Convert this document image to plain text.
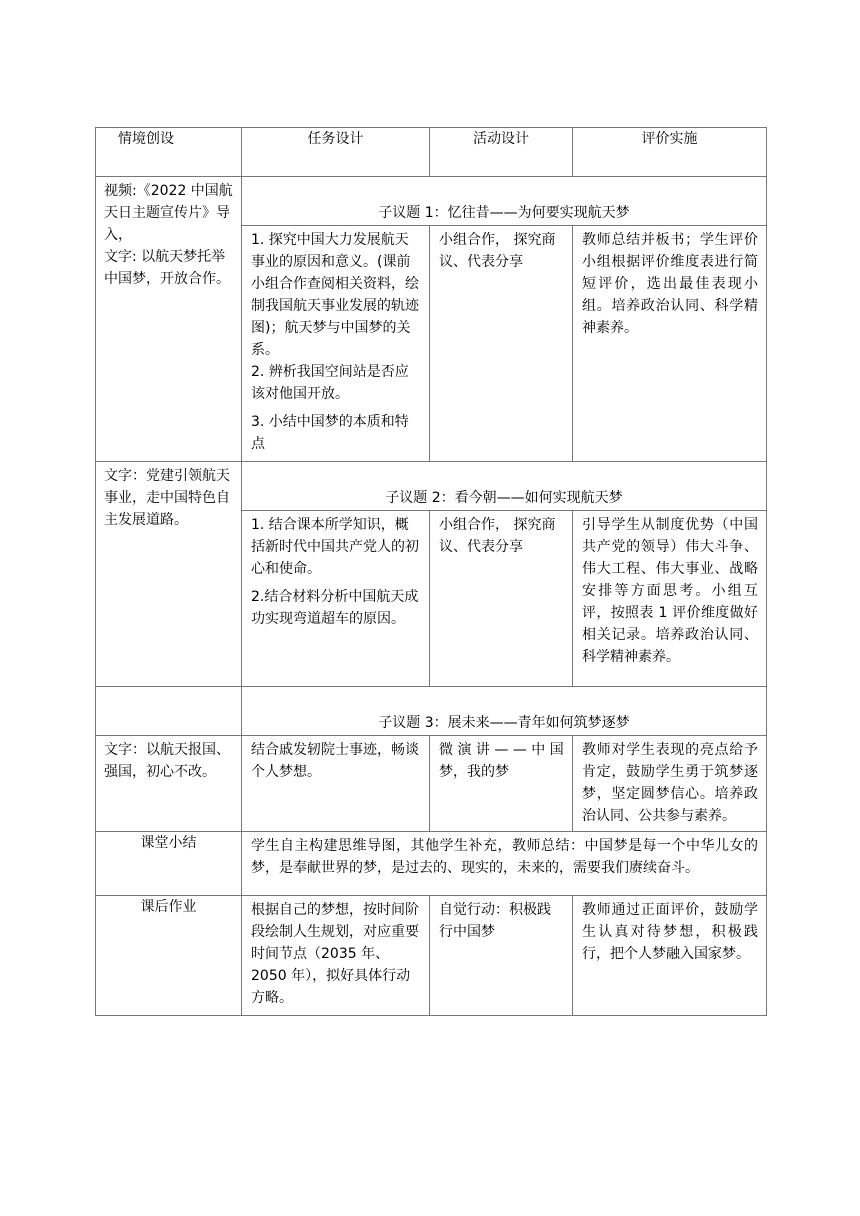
情境创设	任务设计	活动设计	评价实施

视频:《2022 中国航天日主题宣传片》导入，

文字: 以航天梦托举中国梦，开放合作。	子议题 1：忆往昔——为何要实现航天梦		

	1. 探究中国大力发展航天事业的原因和意义。(课前小组合作查阅相关资料，绘制我国航天事业发展的轨迹图)；航天梦与中国梦的关系。

2. 辨析我国空间站是否应该对他国开放。

3. 小结中国梦的本质和特点	小组合作， 探究商议、代表分享	教师总结并板书；学生评价小组根据评价维度表进行简短评价，选出最佳表现小组。培养政治认同、科学精神素养。

文字：党建引领航天事业，走中国特色自主发展道路。	子议题 2：看今朝——如何实现航天梦		

	1. 结合课本所学知识，概括新时代中国共产党人的初心和使命。

2.结合材料分析中国航天成功实现弯道超车的原因。	小组合作， 探究商议、代表分享	引导学生从制度优势（中国共产党的领导）伟大斗争、伟大工程、伟大事业、战略安排等方面思考。小组互评，按照表 1 评价维度做好相关记录。培养政治认同、科学精神素养。

	子议题 3：展未来——青年如何筑梦逐梦		

文字：以航天报国、强国，初心不改。	结合戚发轫院士事迹，畅谈个人梦想。	微 演 讲 — — 中 国 梦，我的梦	教师对学生表现的亮点给予肯定，鼓励学生勇于筑梦逐梦，坚定圆梦信心。培养政治认同、公共参与素养。

课堂小结	学生自主构建思维导图，其他学生补充，教师总结：中国梦是每一个中华儿女的梦，是奉献世界的梦，是过去的、现实的，未来的，需要我们赓续奋斗。		

课后作业	根据自己的梦想，按时间阶段绘制人生规划，对应重要时间节点（2035 年、2050 年），拟好具体行动方略。	自觉行动：积极践行中国梦	教师通过正面评价，鼓励学生认真对待梦想，积极践行，把个人梦融入国家梦。
